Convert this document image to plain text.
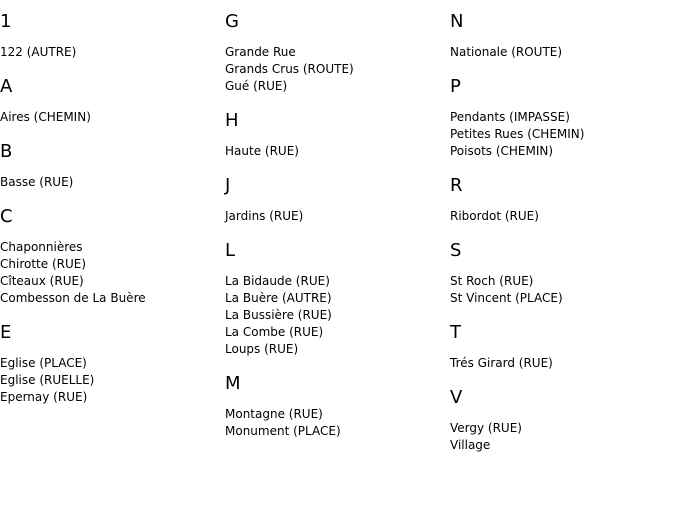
1
122 (AUTRE)
A
Aires (CHEMIN)
B
Basse (RUE)
C
Chaponnières
Chirotte (RUE)
Cîteaux (RUE)
Combesson de La Buère
E
Eglise (PLACE)
Eglise (RUELLE)
Epernay (RUE)
G
Grande Rue
Grands Crus (ROUTE)
Gué (RUE)
H
Haute (RUE)
J
Jardins (RUE)
L
La Bidaude (RUE)
La Buère (AUTRE)
La Bussière (RUE)
La Combe (RUE)
Loups (RUE)
M
Montagne (RUE)
Monument (PLACE)
N
Nationale (ROUTE)
P
Pendants (IMPASSE)
Petites Rues (CHEMIN)
Poisots (CHEMIN)
R
Ribordot (RUE)
S
St Roch (RUE)
St Vincent (PLACE)
T
Trés Girard (RUE)
V
Vergy (RUE)
Village
